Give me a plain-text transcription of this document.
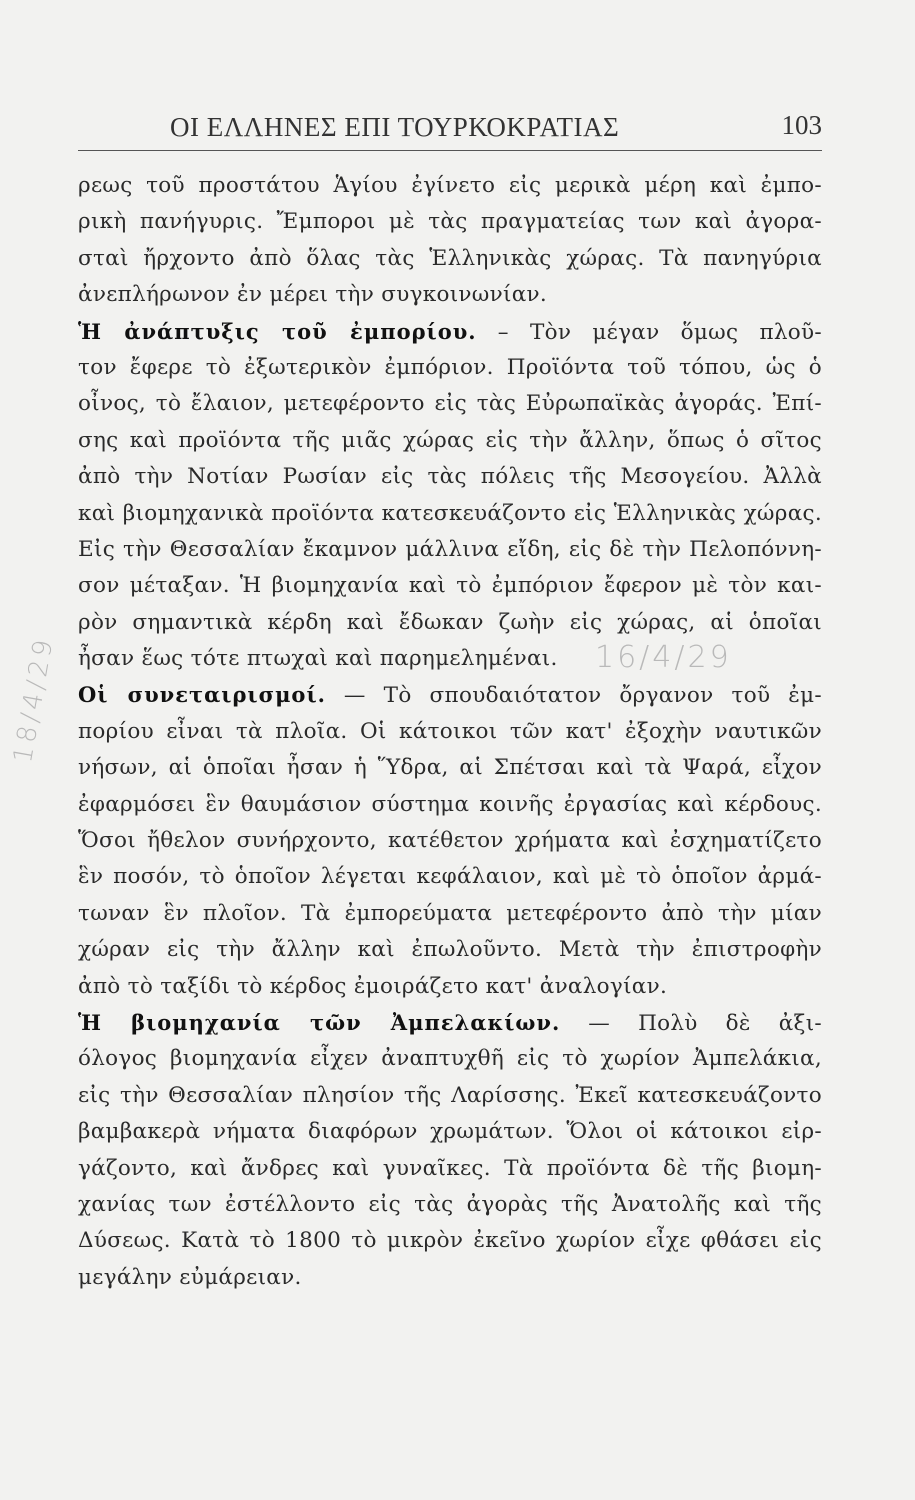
ΟΙ ΕΛΛΗΝΕΣ ΕΠΙ ΤΟΥΡΚΟΚΡΑΤΙΑΣ	103
ρεως τοῦ προστάτου Ἁγίου ἐγίνετο εἰς μερικὰ μέρη καὶ ἐμπο-
ρικὴ πανήγυρις. Ἔμποροι μὲ τὰς πραγματείας των καὶ ἀγορα-
σταὶ ἤρχοντο ἀπὸ ὅλας τὰς Ἑλληνικὰς χώρας. Τὰ πανηγύρια
ἀνεπλήρωνον ἐν μέρει τὴν συγκοινωνίαν.
Ἡ ἀνάπτυξις τοῦ ἐμπορίου. – Τὸν μέγαν ὅμως πλοῦ-
τον ἔφερε τὸ ἐξωτερικὸν ἐμπόριον. Προϊόντα τοῦ τόπου, ὡς ὁ
οἶνος, τὸ ἔλαιον, μετεφέροντο εἰς τὰς Εὐρωπαϊκὰς ἀγοράς. Ἐπί-
σης καὶ προϊόντα τῆς μιᾶς χώρας εἰς τὴν ἄλλην, ὅπως ὁ σῖτος
ἀπὸ τὴν Νοτίαν Ρωσίαν εἰς τὰς πόλεις τῆς Μεσογείου. Ἀλλὰ
καὶ βιομηχανικὰ προϊόντα κατεσκευάζοντο εἰς Ἑλληνικὰς χώρας.
Εἰς τὴν Θεσσαλίαν ἔκαμνον μάλλινα εἴδη, εἰς δὲ τὴν Πελοπόννη-
σον μέταξαν. Ἡ βιομηχανία καὶ τὸ ἐμπόριον ἔφερον μὲ τὸν και-
ρὸν σημαντικὰ κέρδη καὶ ἔδωκαν ζωὴν εἰς χώρας, αἱ ὁποῖαι
ἦσαν ἕως τότε πτωχαὶ καὶ παρημελημέναι.
Οἱ συνεταιρισμοί. — Τὸ σπουδαιότατον ὄργανον τοῦ ἐμ-
πορίου εἶναι τὰ πλοῖα. Οἱ κάτοικοι τῶν κατ' ἐξοχὴν ναυτικῶν
νήσων, αἱ ὁποῖαι ἦσαν ἡ Ὕδρα, αἱ Σπέτσαι καὶ τὰ Ψαρά, εἶχον
ἐφαρμόσει ἓν θαυμάσιον σύστημα κοινῆς ἐργασίας καὶ κέρδους.
Ὅσοι ἤθελον συνήρχοντο, κατέθετον χρήματα καὶ ἐσχηματίζετο
ἓν ποσόν, τὸ ὁποῖον λέγεται κεφάλαιον, καὶ μὲ τὸ ὁποῖον ἀρμά-
τωναν ἓν πλοῖον. Τὰ ἐμπορεύματα μετεφέροντο ἀπὸ τὴν μίαν
χώραν εἰς τὴν ἄλλην καὶ ἐπωλοῦντο. Μετὰ τὴν ἐπιστροφὴν
ἀπὸ τὸ ταξίδι τὸ κέρδος ἐμοιράζετο κατ' ἀναλογίαν.
Ἡ βιομηχανία τῶν Ἀμπελακίων. — Πολὺ δὲ ἀξι-
όλογος βιομηχανία εἶχεν ἀναπτυχθῆ εἰς τὸ χωρίον Ἀμπελάκια,
εἰς τὴν Θεσσαλίαν πλησίον τῆς Λαρίσσης. Ἐκεῖ κατεσκευάζοντο
βαμβακερὰ νήματα διαφόρων χρωμάτων. Ὅλοι οἱ κάτοικοι εἰρ-
γάζοντο, καὶ ἄνδρες καὶ γυναῖκες. Τὰ προϊόντα δὲ τῆς βιομη-
χανίας των ἐστέλλοντο εἰς τὰς ἀγορὰς τῆς Ἀνατολῆς καὶ τῆς
Δύσεως. Κατὰ τὸ 1800 τὸ μικρὸν ἐκεῖνο χωρίον εἶχε φθάσει εἰς
μεγάλην εὐμάρειαν.
16/4/29
18/4/29
